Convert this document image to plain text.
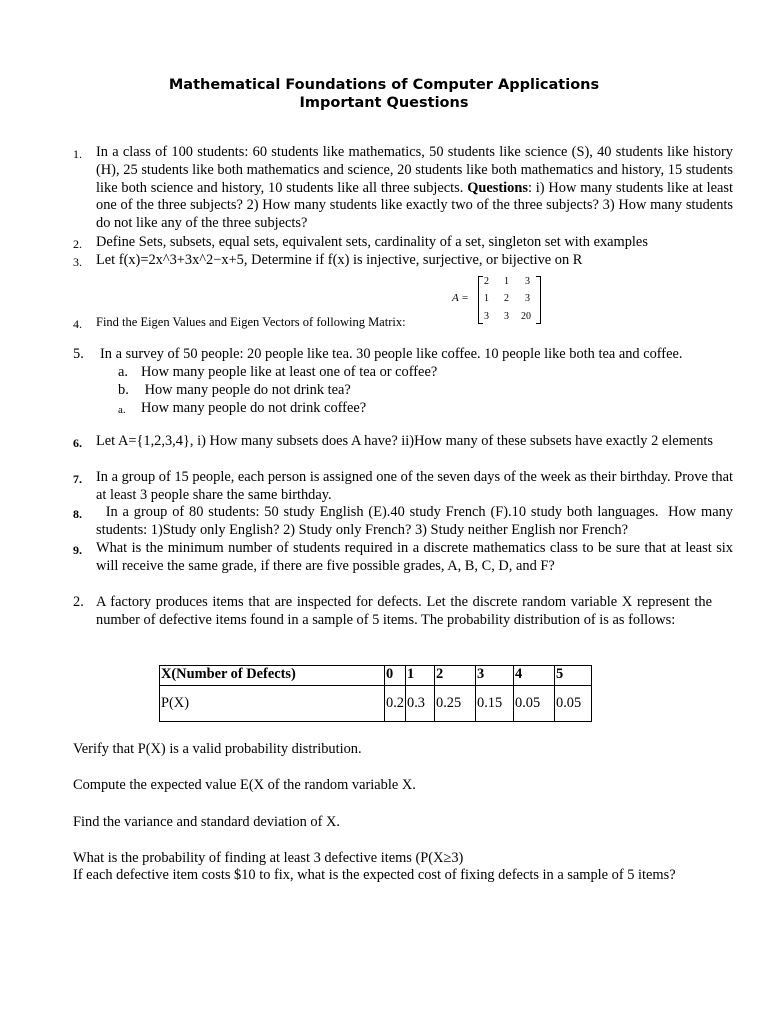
Mathematical Foundations of Computer Applications
Important Questions
1. In a class of 100 students: 60 students like mathematics, 50 students like science (S), 40 students like history (H), 25 students like both mathematics and science, 20 students like both mathematics and history, 15 students like both science and history, 10 students like all three subjects. Questions: i) How many students like at least one of the three subjects? 2) How many students like exactly two of the three subjects? 3) How many students do not like any of the three subjects?
2. Define Sets, subsets, equal sets, equivalent sets, cardinality of a set, singleton set with examples
3. Let f(x)=2x^3+3x^2−x+5, Determine if f(x) is injective, surjective, or bijective on R
4. Find the Eigen Values and Eigen Vectors of following Matrix:
A =
2 1 3
1 2 3
3 3 20
5. In a survey of 50 people: 20 people like tea. 30 people like coffee. 10 people like both tea and coffee.
a. How many people like at least one of tea or coffee?
b. How many people do not drink tea?
a. How many people do not drink coffee?
6. Let A={1,2,3,4}, i) How many subsets does A have? ii)How many of these subsets have exactly 2 elements
7. In a group of 15 people, each person is assigned one of the seven days of the week as their birthday. Prove that at least 3 people share the same birthday.
8. In a group of 80 students: 50 study English (E).40 study French (F).10 study both languages.  How many students: 1)Study only English? 2) Study only French? 3) Study neither English nor French?
9. What is the minimum number of students required in a discrete mathematics class to be sure that at least six will receive the same grade, if there are five possible grades, A, B, C, D, and F?
2. A factory produces items that are inspected for defects. Let the discrete random variable X represent the number of defective items found in a sample of 5 items. The probability distribution of is as follows:
X(Number of Defects)	0	1	2	3	4	5
P(X)	0.2	0.3	0.25	0.15	0.05	0.05
Verify that P(X) is a valid probability distribution.
Compute the expected value E(X of the random variable X.
Find the variance and standard deviation of X.
What is the probability of finding at least 3 defective items (P(X≥3)
If each defective item costs $10 to fix, what is the expected cost of fixing defects in a sample of 5 items?
